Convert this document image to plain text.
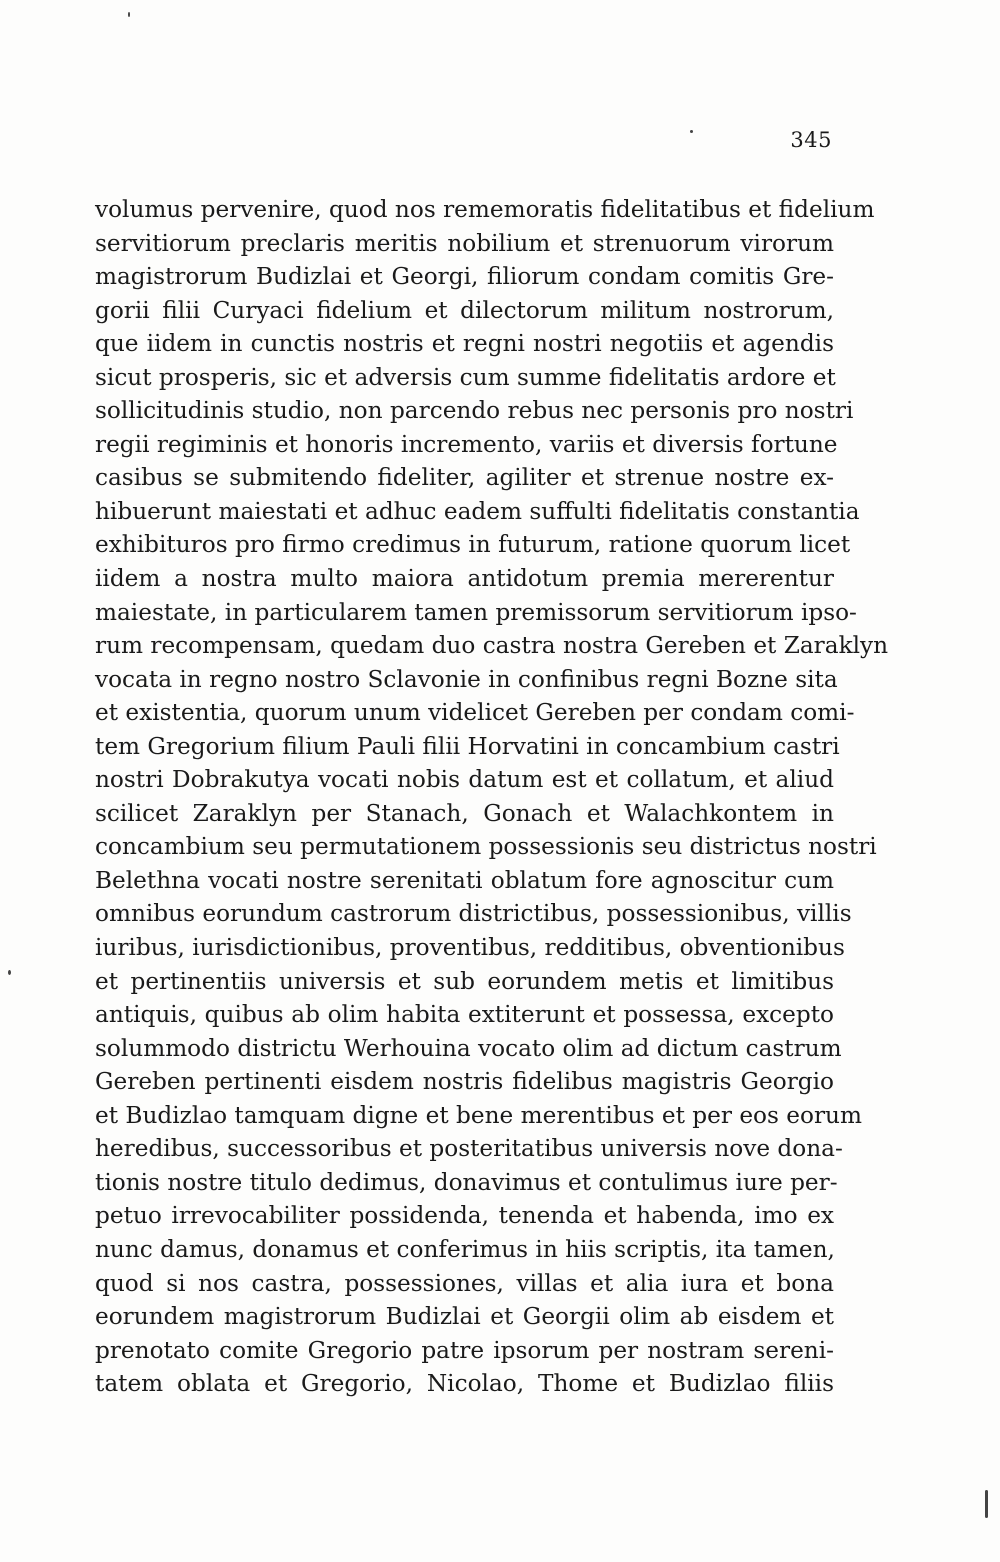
345
volumus pervenire, quod nos rememoratis fidelitatibus et fidelium
servitiorum preclaris meritis nobilium et strenuorum virorum
magistrorum Budizlai et Georgi, filiorum condam comitis Gre-
gorii filii Curyaci fidelium et dilectorum militum nostrorum,
que iidem in cunctis nostris et regni nostri negotiis et agendis
sicut prosperis, sic et adversis cum summe fidelitatis ardore et
sollicitudinis studio, non parcendo rebus nec personis pro nostri
regii regiminis et honoris incremento, variis et diversis fortune
casibus se submitendo fideliter, agiliter et strenue nostre ex-
hibuerunt maiestati et adhuc eadem suffulti fidelitatis constantia
exhibituros pro firmo credimus in futurum, ratione quorum licet
iidem a nostra multo maiora antidotum premia mererentur
maiestate, in particularem tamen premissorum servitiorum ipso-
rum recompensam, quedam duo castra nostra Gereben et Zaraklyn
vocata in regno nostro Sclavonie in confinibus regni Bozne sita
et existentia, quorum unum videlicet Gereben per condam comi-
tem Gregorium filium Pauli filii Horvatini in concambium castri
nostri Dobrakutya vocati nobis datum est et collatum, et aliud
scilicet Zaraklyn per Stanach, Gonach et Walachkontem in
concambium seu permutationem possessionis seu districtus nostri
Belethna vocati nostre serenitati oblatum fore agnoscitur cum
omnibus eorundum castrorum districtibus, possessionibus, villis
iuribus, iurisdictionibus, proventibus, redditibus, obventionibus
et pertinentiis universis et sub eorundem metis et limitibus
antiquis, quibus ab olim habita extiterunt et possessa, excepto
solummodo districtu Werhouina vocato olim ad dictum castrum
Gereben pertinenti eisdem nostris fidelibus magistris Georgio
et Budizlao tamquam digne et bene merentibus et per eos eorum
heredibus, successoribus et posteritatibus universis nove dona-
tionis nostre titulo dedimus, donavimus et contulimus iure per-
petuo irrevocabiliter possidenda, tenenda et habenda, imo ex
nunc damus, donamus et conferimus in hiis scriptis, ita tamen,
quod si nos castra, possessiones, villas et alia iura et bona
eorundem magistrorum Budizlai et Georgii olim ab eisdem et
prenotato comite Gregorio patre ipsorum per nostram sereni-
tatem oblata et Gregorio, Nicolao, Thome et Budizlao filiis
